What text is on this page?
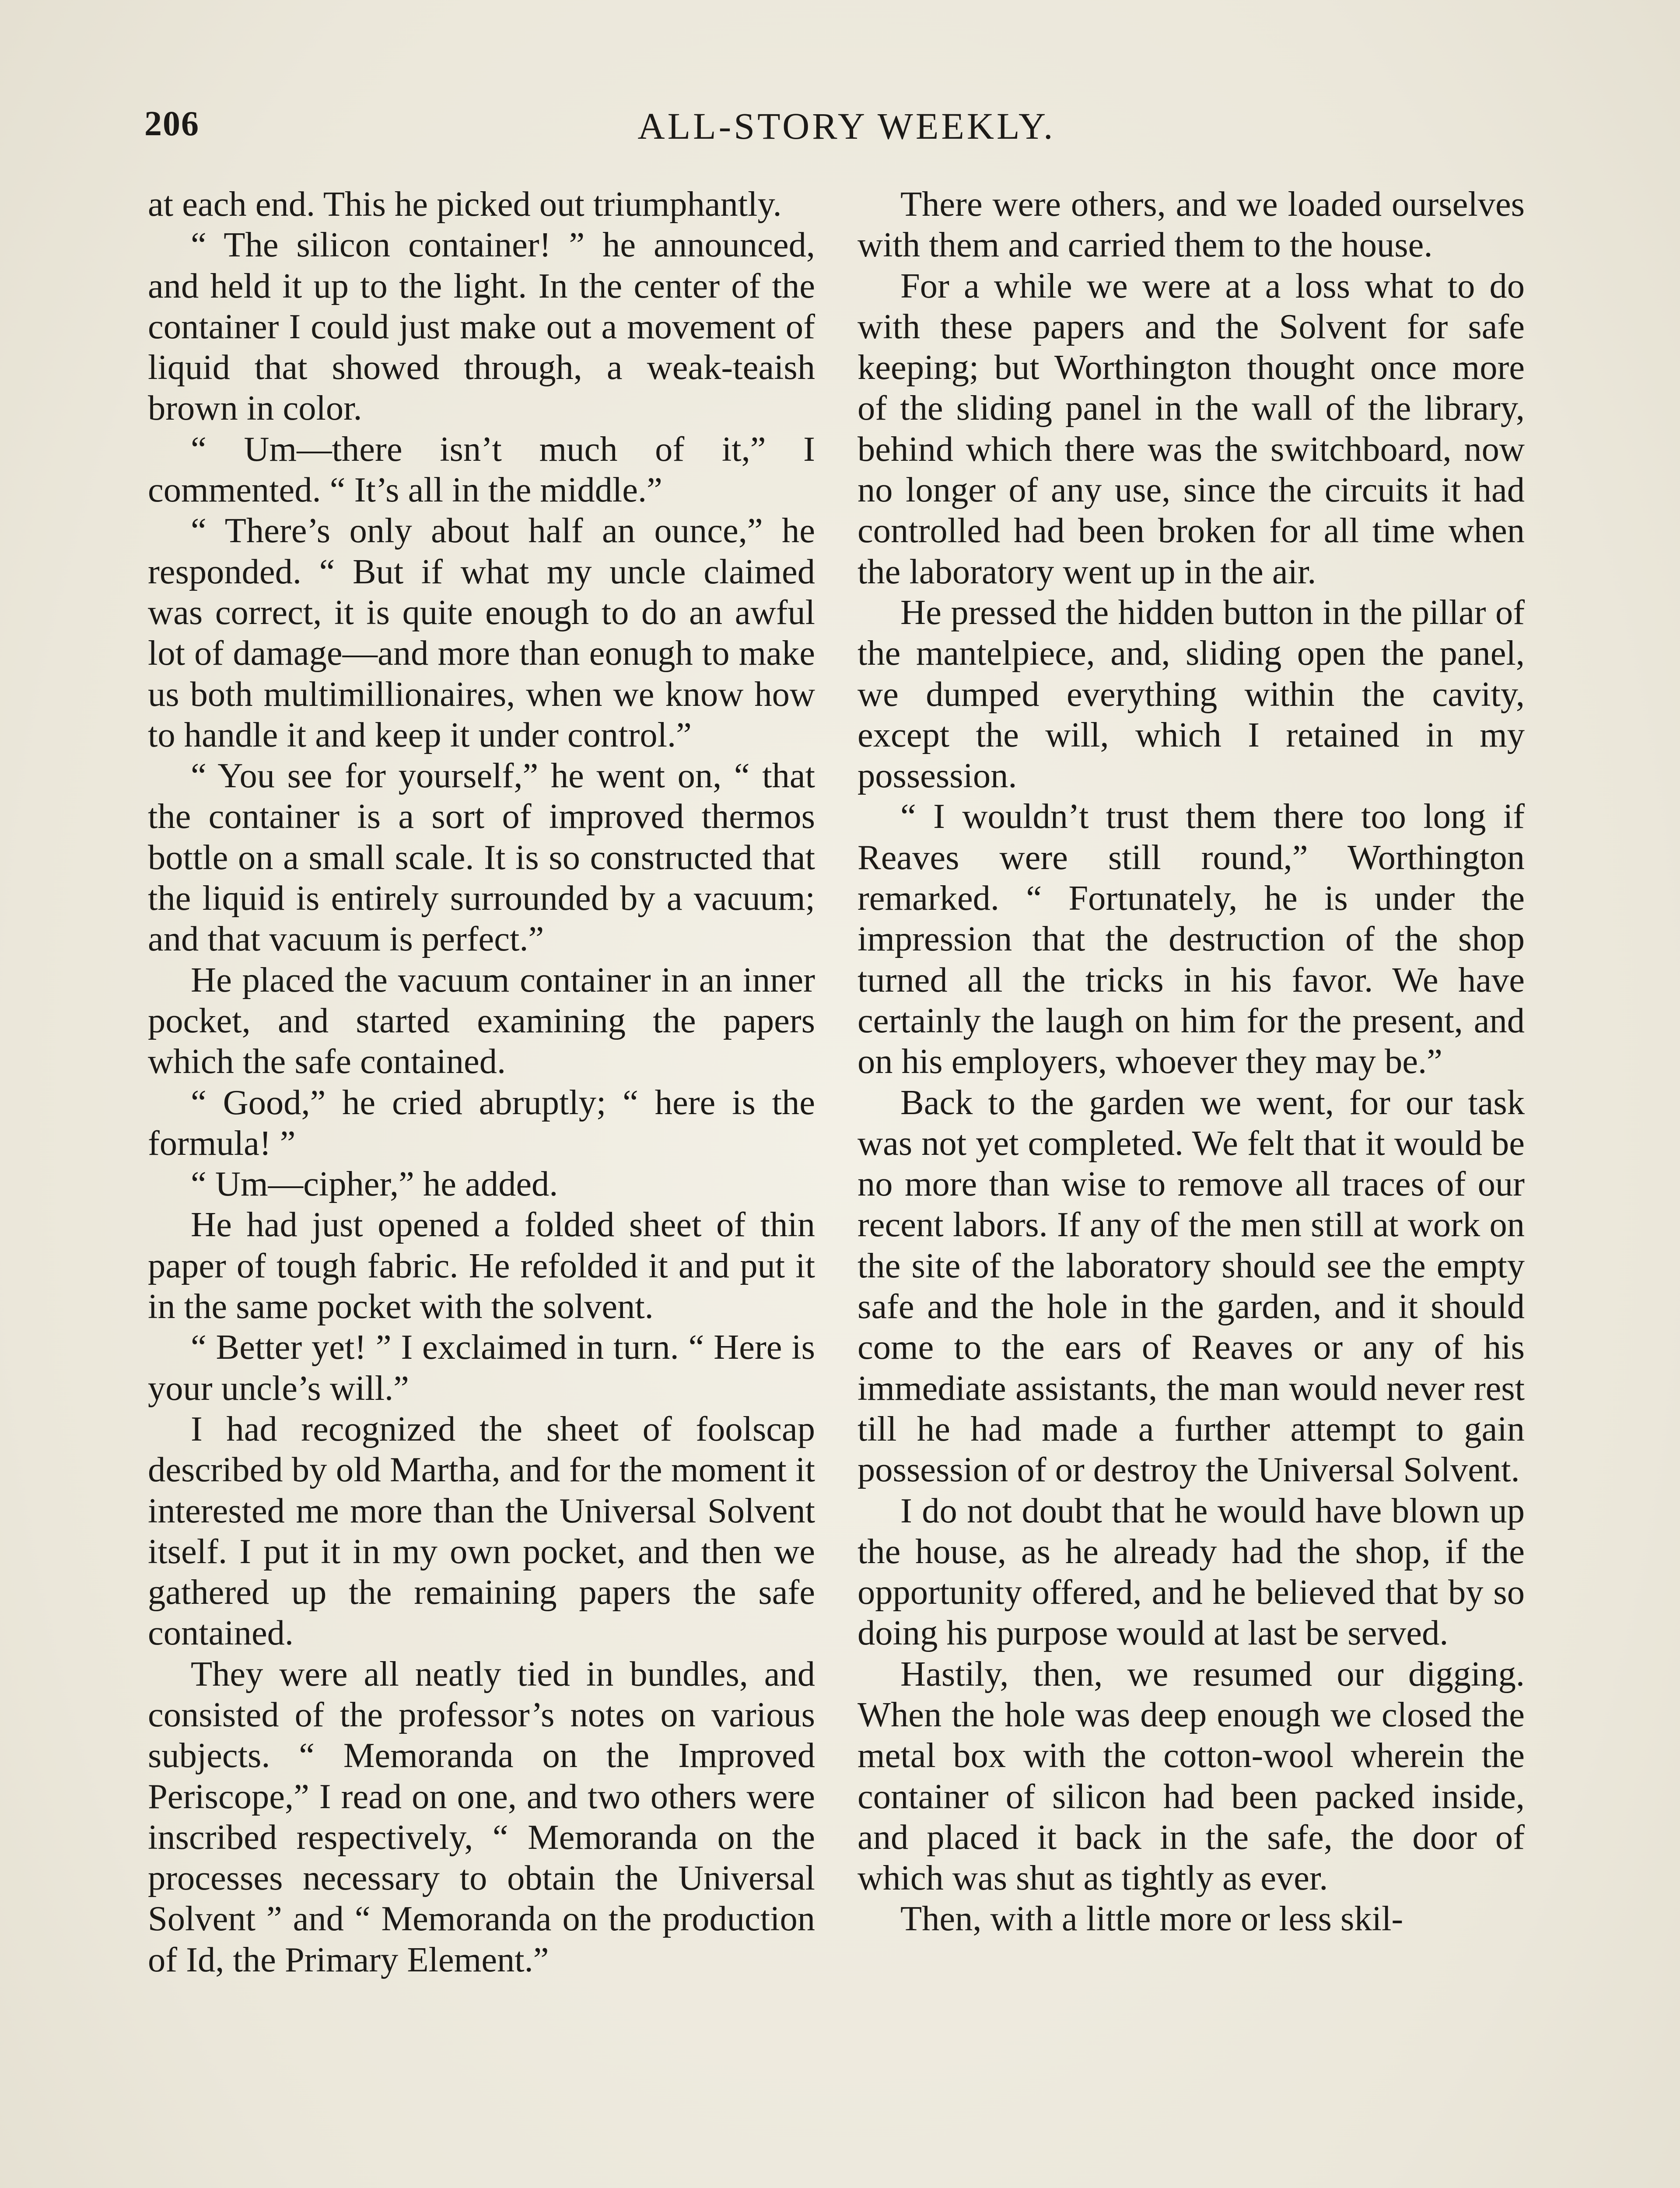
206	ALL-STORY WEEKLY.

at each end. This he picked out triumphantly.

“ The silicon container! ” he announced, and held it up to the light. In the center of the container I could just make out a movement of liquid that showed through, a weak-teaish brown in color.

“ Um—there isn’t much of it,” I commented. “ It’s all in the middle.”

“ There’s only about half an ounce,” he responded. “ But if what my uncle claimed was correct, it is quite enough to do an awful lot of damage—and more than eonugh to make us both multimillionaires, when we know how to handle it and keep it under control.”

“ You see for yourself,” he went on, “ that the container is a sort of improved thermos bottle on a small scale. It is so constructed that the liquid is entirely surrounded by a vacuum; and that vacuum is perfect.”

He placed the vacuum container in an inner pocket, and started examining the papers which the safe contained.

“ Good,” he cried abruptly; “ here is the formula! ”

“ Um—cipher,” he added.

He had just opened a folded sheet of thin paper of tough fabric. He refolded it and put it in the same pocket with the solvent.

“ Better yet! ” I exclaimed in turn. “ Here is your uncle’s will.”

I had recognized the sheet of foolscap described by old Martha, and for the moment it interested me more than the Universal Solvent itself. I put it in my own pocket, and then we gathered up the remaining papers the safe contained.

They were all neatly tied in bundles, and consisted of the professor’s notes on various subjects. “ Memoranda on the Improved Periscope,” I read on one, and two others were inscribed respectively, “ Memoranda on the processes necessary to obtain the Universal Solvent ” and “ Memoranda on the production of Id, the Primary Element.”

There were others, and we loaded ourselves with them and carried them to the house.

For a while we were at a loss what to do with these papers and the Solvent for safe keeping; but Worthington thought once more of the sliding panel in the wall of the library, behind which there was the switchboard, now no longer of any use, since the circuits it had controlled had been broken for all time when the laboratory went up in the air.

He pressed the hidden button in the pillar of the mantelpiece, and, sliding open the panel, we dumped everything within the cavity, except the will, which I retained in my possession.

“ I wouldn’t trust them there too long if Reaves were still round,” Worthington remarked. “ Fortunately, he is under the impression that the destruction of the shop turned all the tricks in his favor. We have certainly the laugh on him for the present, and on his employers, whoever they may be.”

Back to the garden we went, for our task was not yet completed. We felt that it would be no more than wise to remove all traces of our recent labors. If any of the men still at work on the site of the laboratory should see the empty safe and the hole in the garden, and it should come to the ears of Reaves or any of his immediate assistants, the man would never rest till he had made a further attempt to gain possession of or destroy the Universal Solvent.

I do not doubt that he would have blown up the house, as he already had the shop, if the opportunity offered, and he believed that by so doing his purpose would at last be served.

Hastily, then, we resumed our digging. When the hole was deep enough we closed the metal box with the cotton-wool wherein the container of silicon had been packed inside, and placed it back in the safe, the door of which was shut as tightly as ever.

Then, with a little more or less skil-
